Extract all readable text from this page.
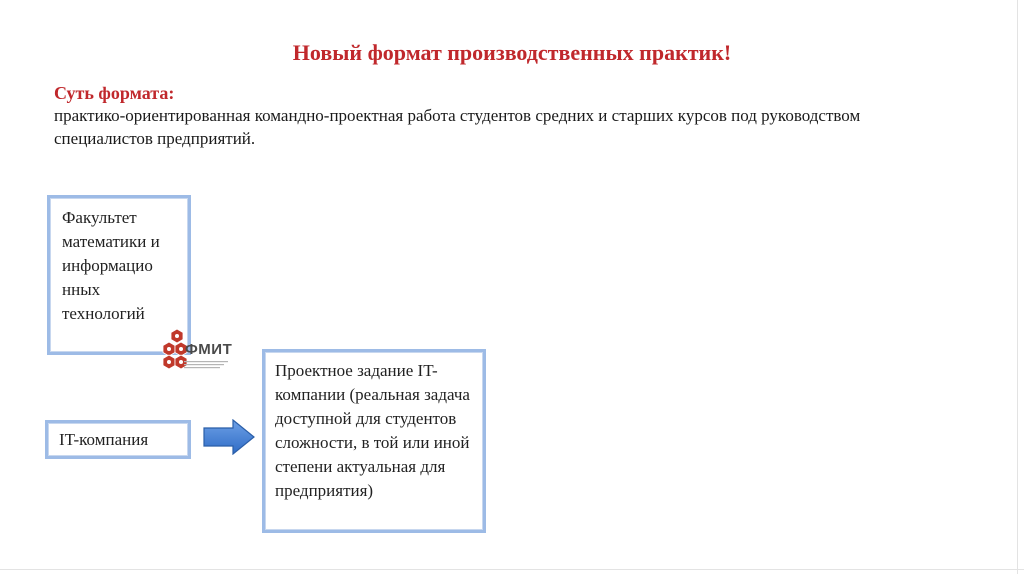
Новый формат производственных практик!
Суть формата:
практико-ориентированная командно-проектная работа студентов средних и старших курсов под руководством специалистов предприятий.
Факультет математики и информацио нных технологий
ФМИТ
IT-компания
Проектное задание IT-компании (реальная задача доступной для студентов сложности, в той или иной степени актуальная для предприятия)
